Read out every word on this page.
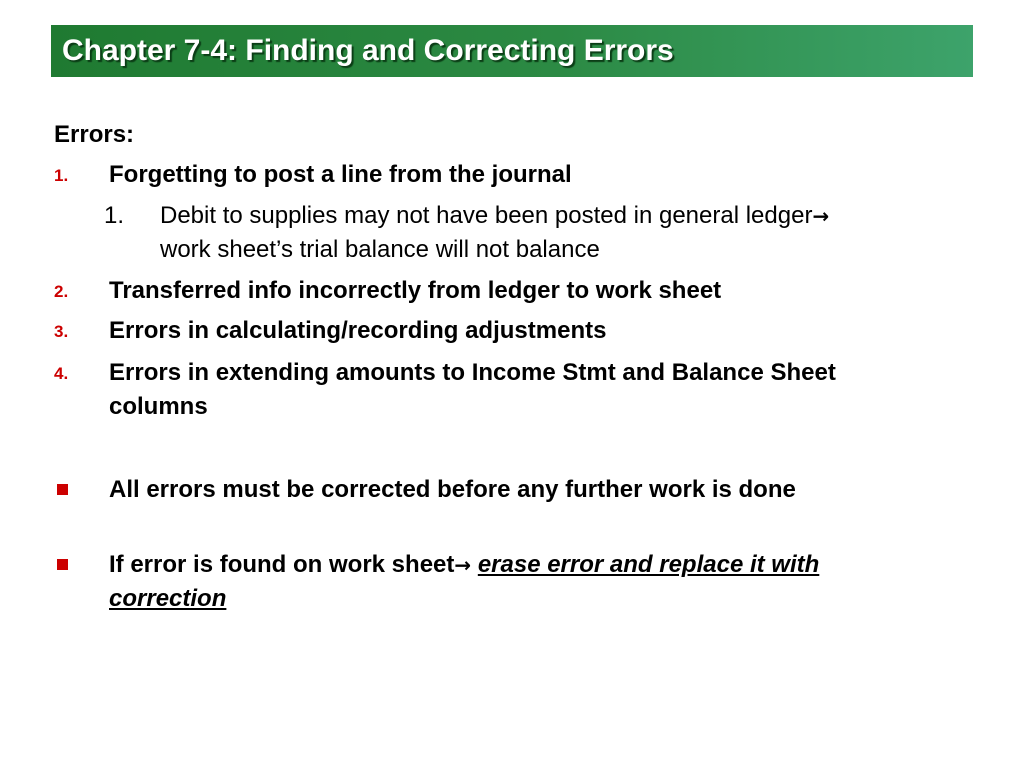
Chapter 7-4: Finding and Correcting Errors
Errors:
1. Forgetting to post a line from the journal
1. Debit to supplies may not have been posted in general ledger→ work sheet’s trial balance will not balance
2. Transferred info incorrectly from ledger to work sheet
3. Errors in calculating/recording adjustments
4. Errors in extending amounts to Income Stmt and Balance Sheet columns
All errors must be corrected before any further work is done
If error is found on work sheet→ erase error and replace it with correction
